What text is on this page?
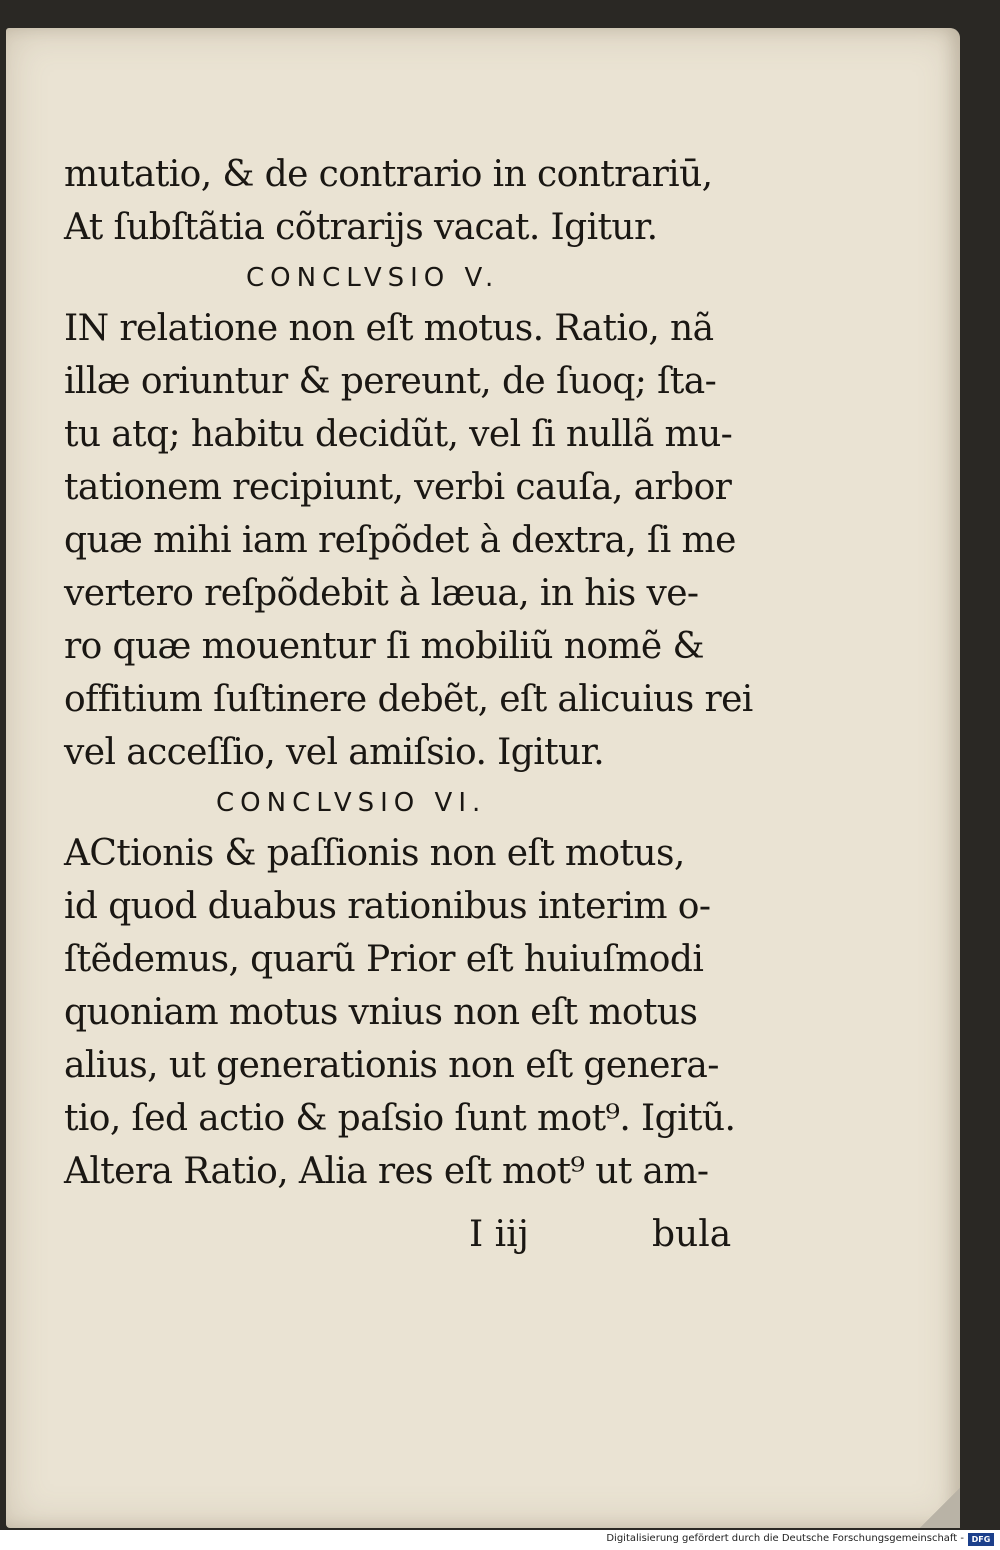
mutatio, & de contrario in contrariū,
At ſubſtãtia cõtrarijs vacat. Igitur.
CONCLVSIO V.
IN relatione non eſt motus. Ratio, nã
illæ oriuntur & pereunt, de ſuoq; ſta-
tu atq; habitu decidũt, vel ſi nullã mu-
tationem recipiunt, verbi cauſa, arbor
quæ mihi iam reſpõdet à dextra, ſi me
vertero reſpõdebit à læua, in his ve-
ro quæ mouentur ſi mobiliũ nomẽ &
offitium ſuſtinere debẽt, eſt alicuius rei
vel acceſſio, vel amiſsio. Igitur.
CONCLVSIO VI.
ACtionis & paſſionis non eſt motus,
id quod duabus rationibus interim o-
ſtẽdemus, quarũ Prior eſt huiuſmodi
quoniam motus vnius non eſt motus
alius, ut generationis non eſt genera-
tio, ſed actio & paſsio ſunt mot⁹. Igitũ.
Altera Ratio, Alia res eſt mot⁹ ut am-
I iij	bula
Digitalisierung gefördert durch die Deutsche Forschungsgemeinschaft - DFG
